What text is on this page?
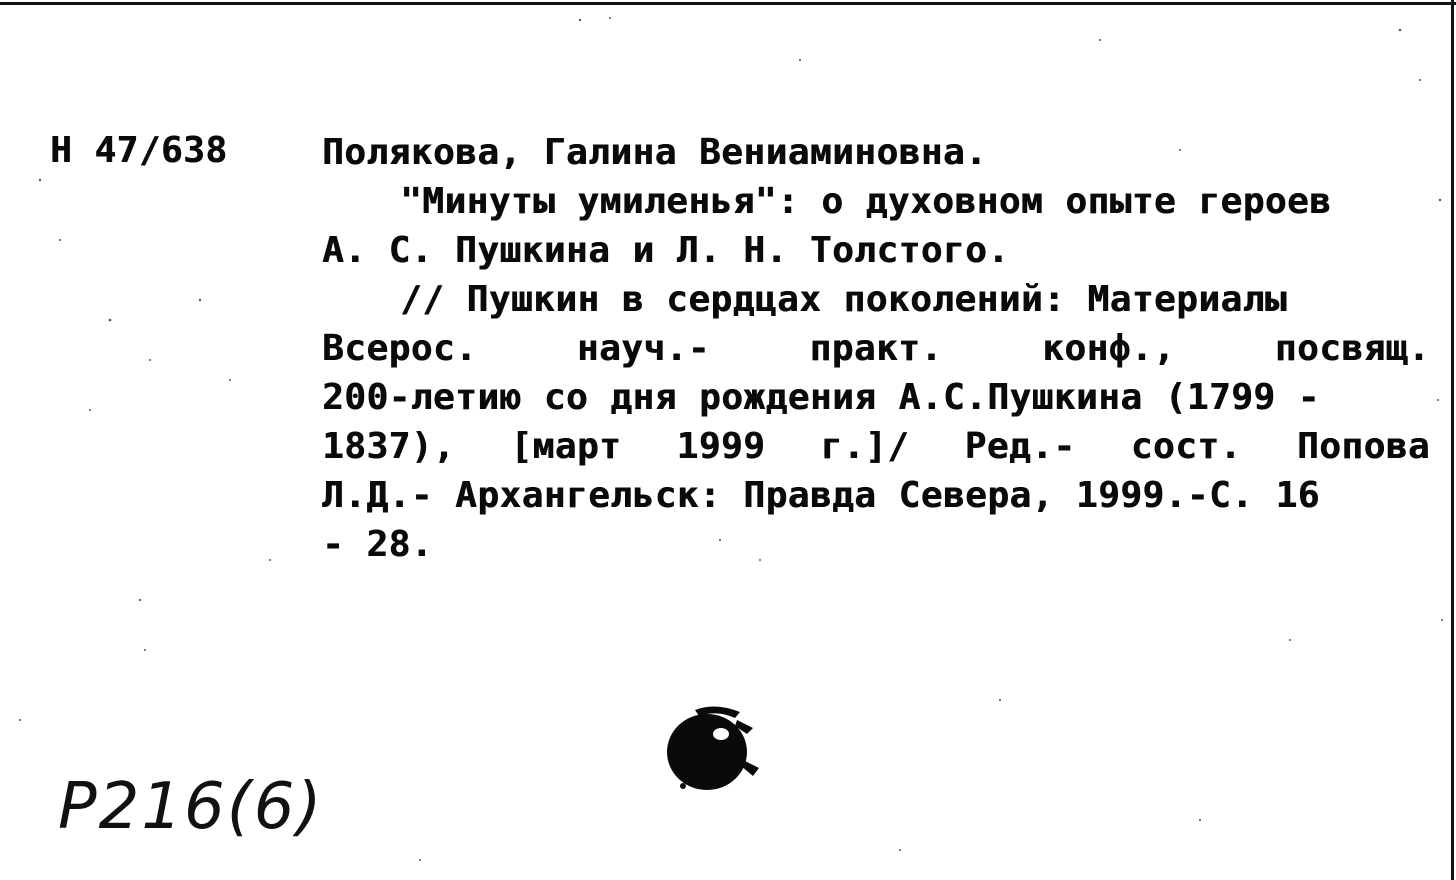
Н 47/638	Полякова, Галина Вениаминовна.
"Минуты умиленья": о духовном опыте героев
А. С. Пушкина и Л. Н. Толстого.
// Пушкин в сердцах поколений: Материалы
Всерос. науч.- практ. конф., посвящ.
200-летию со дня рождения А.С.Пушкина (1799 -
1837), [март 1999 г.]/ Ред.- сост. Попова
Л.Д.- Архангельск: Правда Севера, 1999.-С. 16
- 28.
P216(6)
